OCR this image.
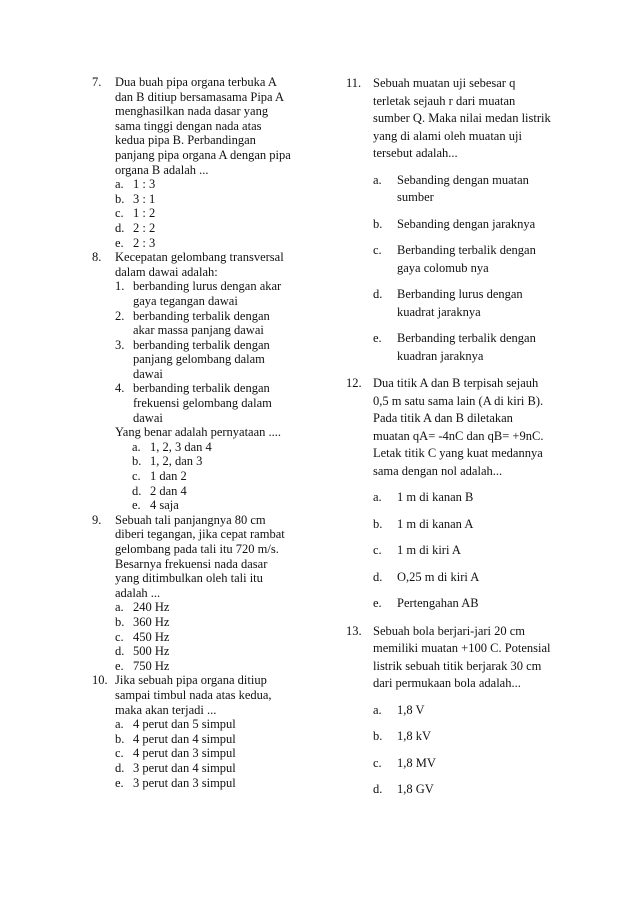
7.	Dua buah pipa organa terbuka A
dan B ditiup bersamasama Pipa A
menghasilkan nada dasar yang
sama tinggi dengan nada atas
kedua pipa B. Perbandingan
panjang pipa organa A dengan pipa
organa B adalah ...
a. 1 : 3
b. 3 : 1
c. 1 : 2
d. 2 : 2
e. 2 : 3
8.	Kecepatan gelombang transversal
dalam dawai adalah:
1. berbanding lurus dengan akar
gaya tegangan dawai
2. berbanding terbalik dengan
akar massa panjang dawai
3. berbanding terbalik dengan
panjang gelombang dalam
dawai
4. berbanding terbalik dengan
frekuensi gelombang dalam
dawai
Yang benar adalah pernyataan ....
a. 1, 2, 3 dan 4
b. 1, 2, dan 3
c. 1 dan 2
d. 2 dan 4
e. 4 saja
9.	Sebuah tali panjangnya 80 cm
diberi tegangan, jika cepat rambat
gelombang pada tali itu 720 m/s.
Besarnya frekuensi nada dasar
yang ditimbulkan oleh tali itu
adalah ...
a. 240 Hz
b. 360 Hz
c. 450 Hz
d. 500 Hz
e. 750 Hz
10. Jika sebuah pipa organa ditiup
sampai timbul nada atas kedua,
maka akan terjadi ...
a. 4 perut dan 5 simpul
b. 4 perut dan 4 simpul
c. 4 perut dan 3 simpul
d. 3 perut dan 4 simpul
e. 3 perut dan 3 simpul
11. Sebuah muatan uji sebesar q
terletak sejauh r dari muatan
sumber Q. Maka nilai medan listrik
yang di alami oleh muatan uji
tersebut adalah...
a.	Sebanding dengan muatan
sumber
b.	Sebanding dengan jaraknya
c.	Berbanding terbalik dengan
gaya colomub nya
d.	Berbanding lurus dengan
kuadrat jaraknya
e.	Berbanding terbalik dengan
kuadran jaraknya
12. Dua titik A dan B terpisah sejauh
0,5 m satu sama lain (A di kiri B).
Pada titik A dan B diletakan
muatan qA= -4nC dan qB= +9nC.
Letak titik C yang kuat medannya
sama dengan nol adalah...
a.	1 m di kanan B
b.	1 m di kanan A
c.	1 m di kiri A
d.	O,25 m di kiri A
e.	Pertengahan AB
13. Sebuah bola berjari-jari 20 cm
memiliki muatan +100 C. Potensial
listrik sebuah titik berjarak 30 cm
dari permukaan bola adalah...
a.	1,8 V
b.	1,8 kV
c.	1,8 MV
d.	1,8 GV
